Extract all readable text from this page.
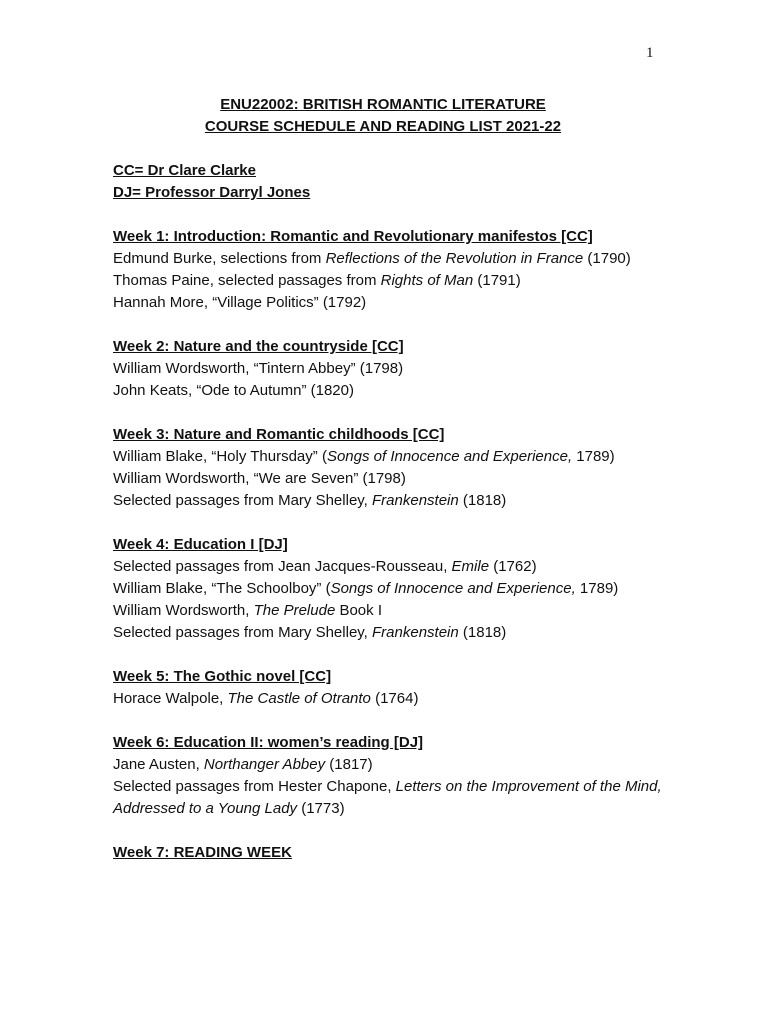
1
ENU22002: BRITISH ROMANTIC LITERATURE
COURSE SCHEDULE AND READING LIST 2021-22
CC= Dr Clare Clarke
DJ= Professor Darryl Jones
Week 1: Introduction: Romantic and Revolutionary manifestos [CC]
Edmund Burke, selections from Reflections of the Revolution in France (1790)
Thomas Paine, selected passages from Rights of Man (1791)
Hannah More, “Village Politics” (1792)
Week 2: Nature and the countryside [CC]
William Wordsworth, “Tintern Abbey” (1798)
John Keats, “Ode to Autumn” (1820)
Week 3: Nature and Romantic childhoods [CC]
William Blake, “Holy Thursday” (Songs of Innocence and Experience, 1789)
William Wordsworth, “We are Seven” (1798)
Selected passages from Mary Shelley, Frankenstein (1818)
Week 4: Education I [DJ]
Selected passages from Jean Jacques-Rousseau, Emile (1762)
William Blake, “The Schoolboy” (Songs of Innocence and Experience, 1789)
William Wordsworth, The Prelude Book I
Selected passages from Mary Shelley, Frankenstein (1818)
Week 5: The Gothic novel [CC]
Horace Walpole, The Castle of Otranto (1764)
Week 6: Education II: women’s reading [DJ]
Jane Austen, Northanger Abbey (1817)
Selected passages from Hester Chapone, Letters on the Improvement of the Mind, Addressed to a Young Lady (1773)
Week 7: READING WEEK
